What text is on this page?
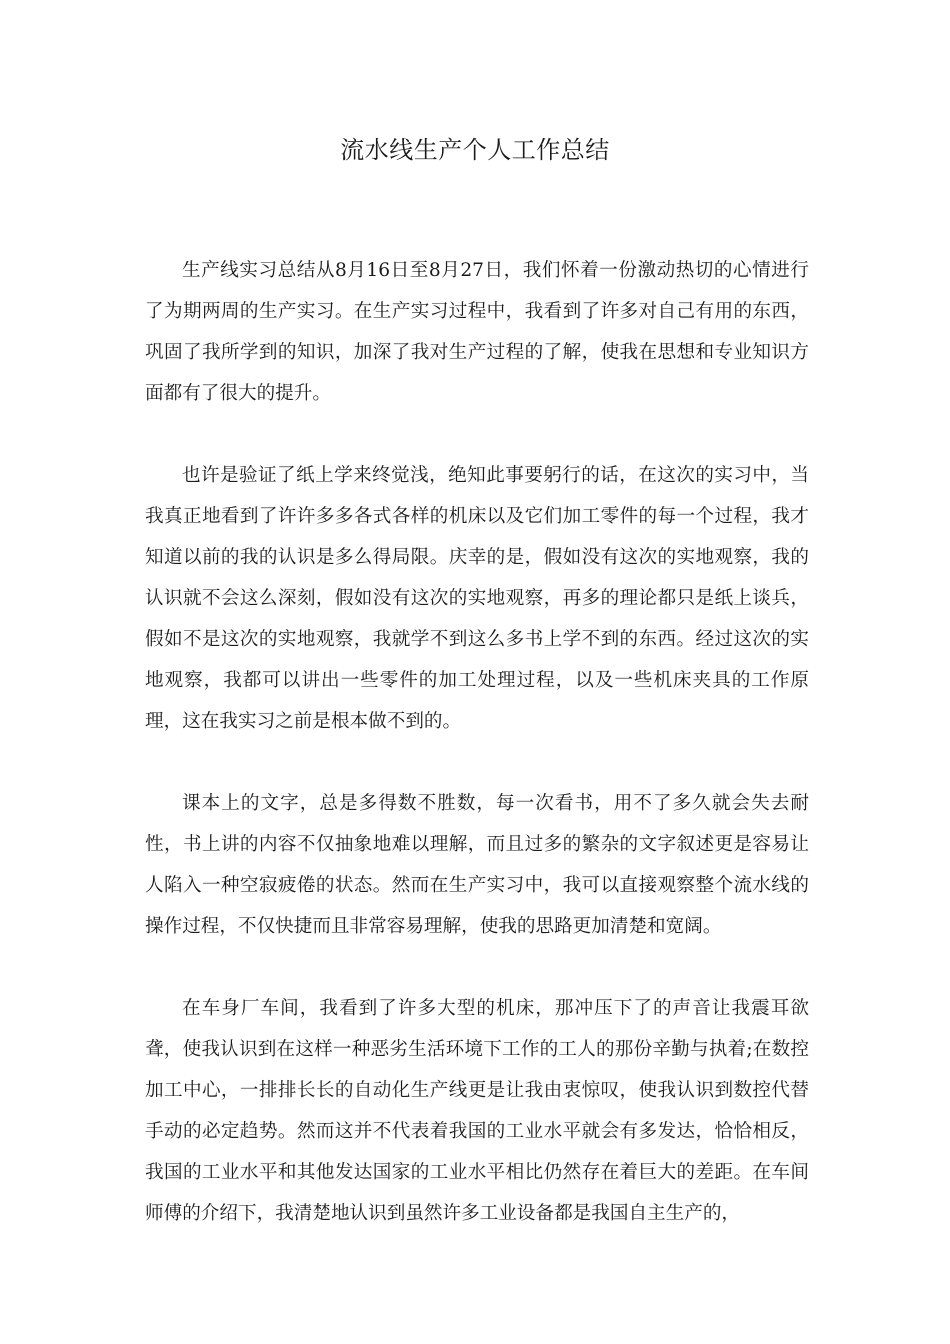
流水线生产个人工作总结

生产线实习总结从8月16日至8月27日，我们怀着一份激动热切的心情进行了为期两周的生产实习。在生产实习过程中，我看到了许多对自己有用的东西，巩固了我所学到的知识，加深了我对生产过程的了解，使我在思想和专业知识方面都有了很大的提升。

也许是验证了纸上学来终觉浅，绝知此事要躬行的话，在这次的实习中，当我真正地看到了许许多多各式各样的机床以及它们加工零件的每一个过程，我才知道以前的我的认识是多么得局限。庆幸的是，假如没有这次的实地观察，我的认识就不会这么深刻，假如没有这次的实地观察，再多的理论都只是纸上谈兵，假如不是这次的实地观察，我就学不到这么多书上学不到的东西。经过这次的实地观察，我都可以讲出一些零件的加工处理过程，以及一些机床夹具的工作原理，这在我实习之前是根本做不到的。

课本上的文字，总是多得数不胜数，每一次看书，用不了多久就会失去耐性，书上讲的内容不仅抽象地难以理解，而且过多的繁杂的文字叙述更是容易让人陷入一种空寂疲倦的状态。然而在生产实习中，我可以直接观察整个流水线的操作过程，不仅快捷而且非常容易理解，使我的思路更加清楚和宽阔。

在车身厂车间，我看到了许多大型的机床，那冲压下了的声音让我震耳欲聋，使我认识到在这样一种恶劣生活环境下工作的工人的那份辛勤与执着;在数控加工中心，一排排长长的自动化生产线更是让我由衷惊叹，使我认识到数控代替手动的必定趋势。然而这并不代表着我国的工业水平就会有多发达，恰恰相反，我国的工业水平和其他发达国家的工业水平相比仍然存在着巨大的差距。在车间师傅的介绍下，我清楚地认识到虽然许多工业设备都是我国自主生产的，
